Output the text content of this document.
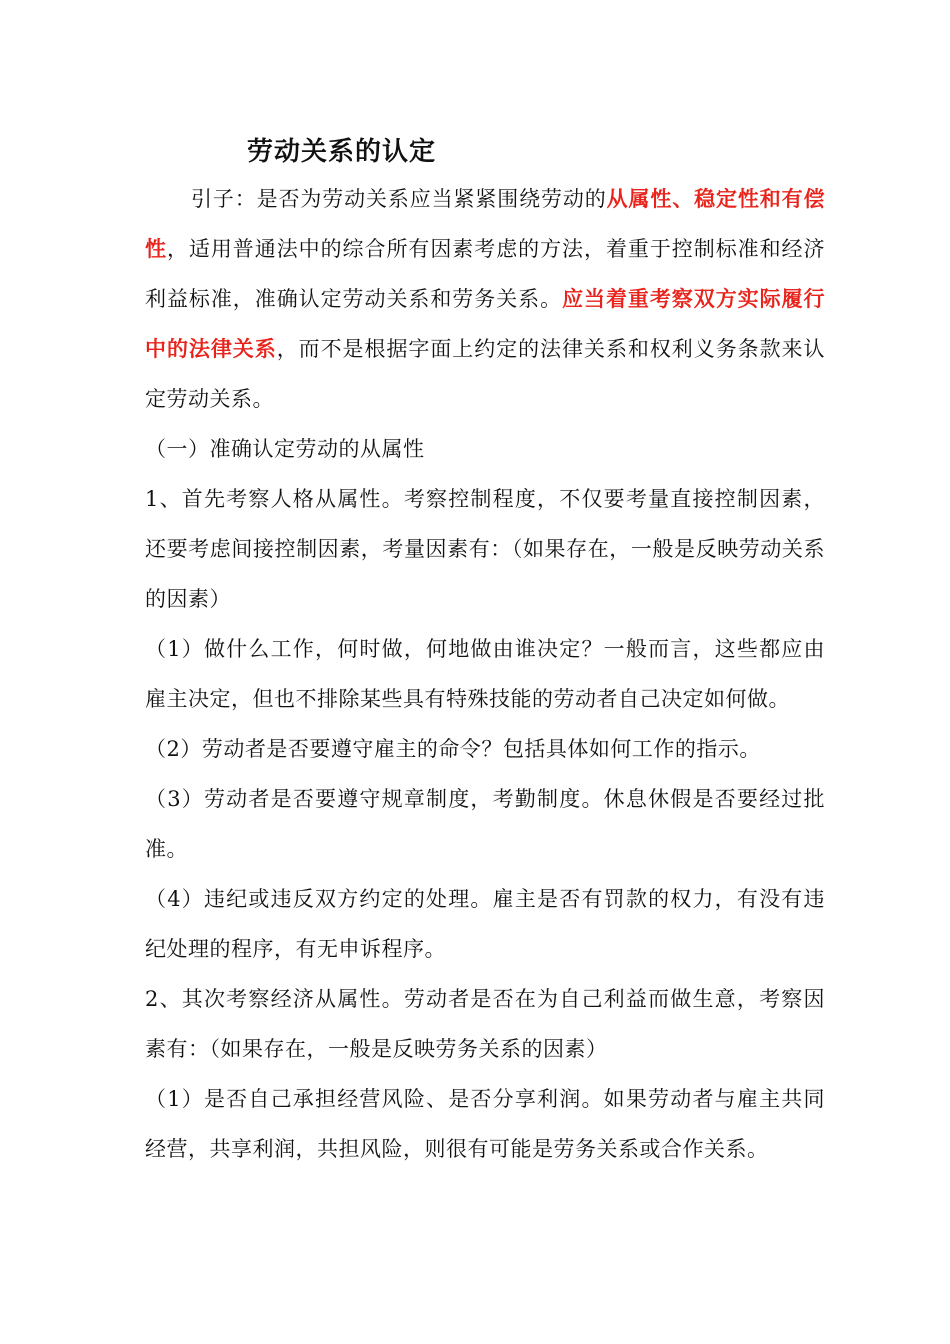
劳动关系的认定

引子：是否为劳动关系应当紧紧围绕劳动的从属性、稳定性和有偿性，适用普通法中的综合所有因素考虑的方法，着重于控制标准和经济利益标准，准确认定劳动关系和劳务关系。应当着重考察双方实际履行中的法律关系，而不是根据字面上约定的法律关系和权利义务条款来认定劳动关系。

（一）准确认定劳动的从属性

1、首先考察人格从属性。考察控制程度，不仅要考量直接控制因素，还要考虑间接控制因素，考量因素有：（如果存在，一般是反映劳动关系的因素）

（1）做什么工作，何时做，何地做由谁决定？一般而言，这些都应由雇主决定，但也不排除某些具有特殊技能的劳动者自己决定如何做。

（2）劳动者是否要遵守雇主的命令？包括具体如何工作的指示。

（3）劳动者是否要遵守规章制度，考勤制度。休息休假是否要经过批准。

（4）违纪或违反双方约定的处理。雇主是否有罚款的权力，有没有违纪处理的程序，有无申诉程序。

2、其次考察经济从属性。劳动者是否在为自己利益而做生意，考察因素有：（如果存在，一般是反映劳务关系的因素）

（1）是否自己承担经营风险、是否分享利润。如果劳动者与雇主共同经营，共享利润，共担风险，则很有可能是劳务关系或合作关系。
